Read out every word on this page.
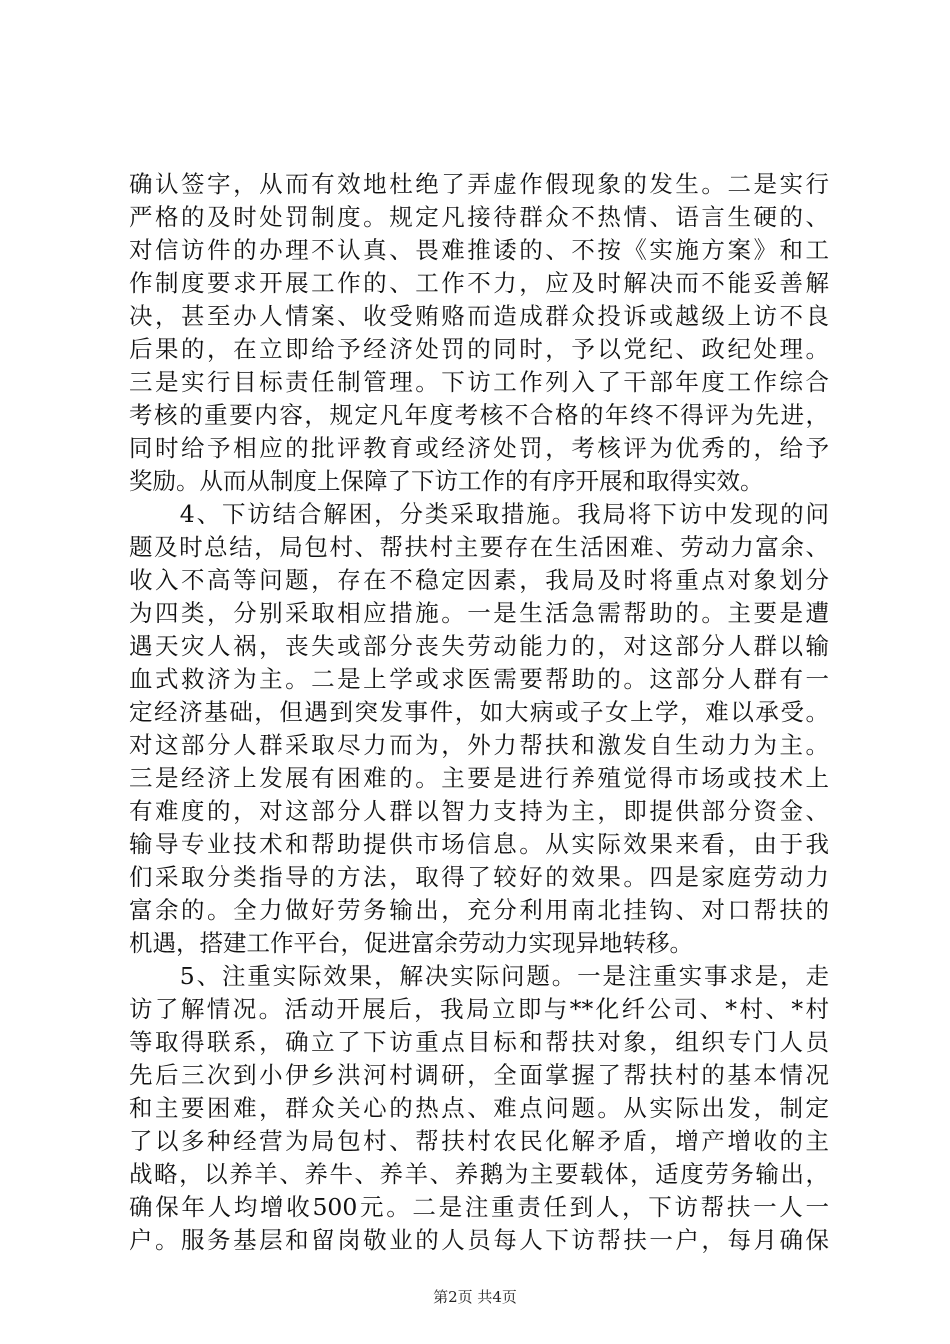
确认签字，从而有效地杜绝了弄虚作假现象的发生。二是实行
严格的及时处罚制度。规定凡接待群众不热情、语言生硬的、
对信访件的办理不认真、畏难推诿的、不按《实施方案》和工
作制度要求开展工作的、工作不力，应及时解决而不能妥善解
决，甚至办人情案、收受贿赂而造成群众投诉或越级上访不良
后果的，在立即给予经济处罚的同时，予以党纪、政纪处理。
三是实行目标责任制管理。下访工作列入了干部年度工作综合
考核的重要内容，规定凡年度考核不合格的年终不得评为先进，
同时给予相应的批评教育或经济处罚，考核评为优秀的，给予
奖励。从而从制度上保障了下访工作的有序开展和取得实效。
　　4、下访结合解困，分类采取措施。我局将下访中发现的问
题及时总结，局包村、帮扶村主要存在生活困难、劳动力富余、
收入不高等问题，存在不稳定因素，我局及时将重点对象划分
为四类，分别采取相应措施。一是生活急需帮助的。主要是遭
遇天灾人祸，丧失或部分丧失劳动能力的，对这部分人群以输
血式救济为主。二是上学或求医需要帮助的。这部分人群有一
定经济基础，但遇到突发事件，如大病或子女上学，难以承受。
对这部分人群采取尽力而为，外力帮扶和激发自生动力为主。
三是经济上发展有困难的。主要是进行养殖觉得市场或技术上
有难度的，对这部分人群以智力支持为主，即提供部分资金、
输导专业技术和帮助提供市场信息。从实际效果来看，由于我
们采取分类指导的方法，取得了较好的效果。四是家庭劳动力
富余的。全力做好劳务输出，充分利用南北挂钩、对口帮扶的
机遇，搭建工作平台，促进富余劳动力实现异地转移。
　　5、注重实际效果，解决实际问题。一是注重实事求是，走
访了解情况。活动开展后，我局立即与**化纤公司、*村、*村
等取得联系，确立了下访重点目标和帮扶对象，组织专门人员
先后三次到小伊乡洪河村调研，全面掌握了帮扶村的基本情况
和主要困难，群众关心的热点、难点问题。从实际出发，制定
了以多种经营为局包村、帮扶村农民化解矛盾，增产增收的主
战略，以养羊、养牛、养羊、养鹅为主要载体，适度劳务输出，
确保年人均增收500元。二是注重责任到人，下访帮扶一人一
户。服务基层和留岗敬业的人员每人下访帮扶一户，每月确保
第2页 共4页
